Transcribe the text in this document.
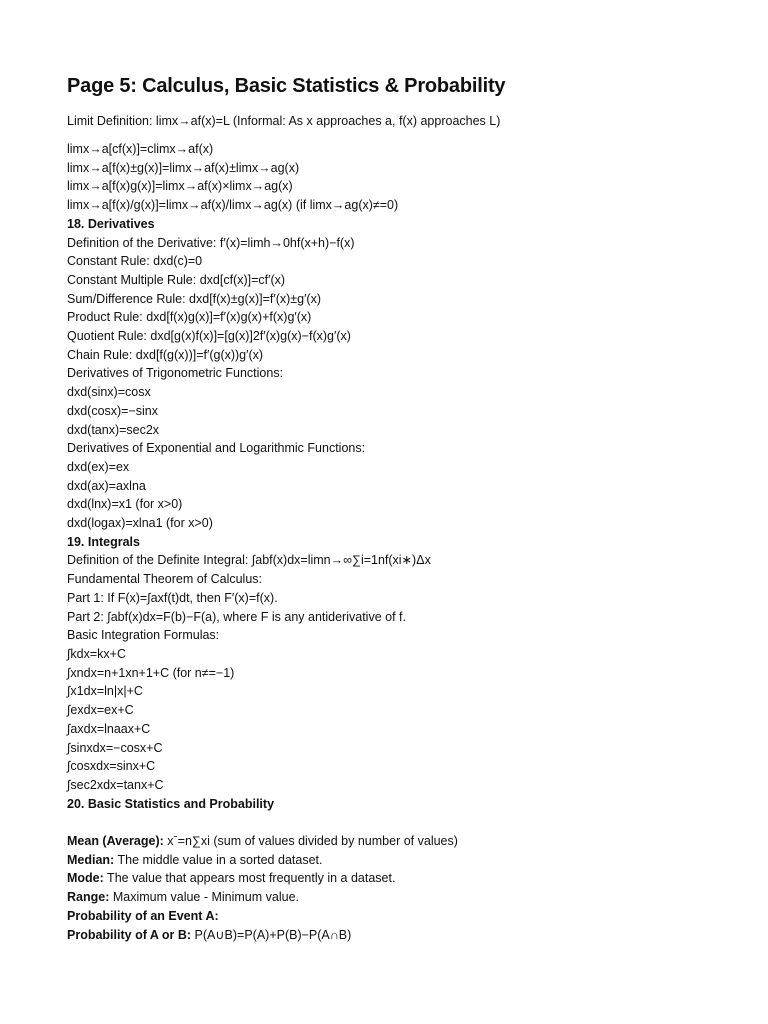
Page 5: Calculus, Basic Statistics & Probability
Limit Definition: limx→af(x)=L (Informal: As x approaches a, f(x) approaches L)
limx→a[cf(x)]=climx→af(x)
limx→a[f(x)±g(x)]=limx→af(x)±limx→ag(x)
limx→a[f(x)g(x)]=limx→af(x)×limx→ag(x)
limx→a[f(x)/g(x)]=limx→af(x)/limx→ag(x) (if limx→ag(x)≠=0)
18. Derivatives
Definition of the Derivative: f′(x)=limh→0hf(x+h)−f(x)
Constant Rule: dxd(c)=0
Constant Multiple Rule: dxd[cf(x)]=cf′(x)
Sum/Difference Rule: dxd[f(x)±g(x)]=f′(x)±g′(x)
Product Rule: dxd[f(x)g(x)]=f′(x)g(x)+f(x)g′(x)
Quotient Rule: dxd[g(x)f(x)]=[g(x)]2f′(x)g(x)−f(x)g′(x)
Chain Rule: dxd[f(g(x))]=f′(g(x))g′(x)
Derivatives of Trigonometric Functions:
dxd(sinx)=cosx
dxd(cosx)=−sinx
dxd(tanx)=sec2x
Derivatives of Exponential and Logarithmic Functions:
dxd(ex)=ex
dxd(ax)=axlna
dxd(lnx)=x1 (for x>0)
dxd(logax)=xlna1 (for x>0)
19. Integrals
Definition of the Definite Integral: ∫abf(x)dx=limn→∞∑i=1nf(xi∗)Δx
Fundamental Theorem of Calculus:
Part 1: If F(x)=∫axf(t)dt, then F′(x)=f(x).
Part 2: ∫abf(x)dx=F(b)−F(a), where F is any antiderivative of f.
Basic Integration Formulas:
∫kdx=kx+C
∫xndx=n+1xn+1+C (for n≠=−1)
∫x1dx=ln|x|+C
∫exdx=ex+C
∫axdx=lnaax+C
∫sinxdx=−cosx+C
∫cosxdx=sinx+C
∫sec2xdx=tanx+C
20. Basic Statistics and Probability
Mean (Average): xˉ=n∑xi (sum of values divided by number of values)
Median: The middle value in a sorted dataset.
Mode: The value that appears most frequently in a dataset.
Range: Maximum value - Minimum value.
Probability of an Event A:
Probability of A or B: P(A∪B)=P(A)+P(B)−P(A∩B)
